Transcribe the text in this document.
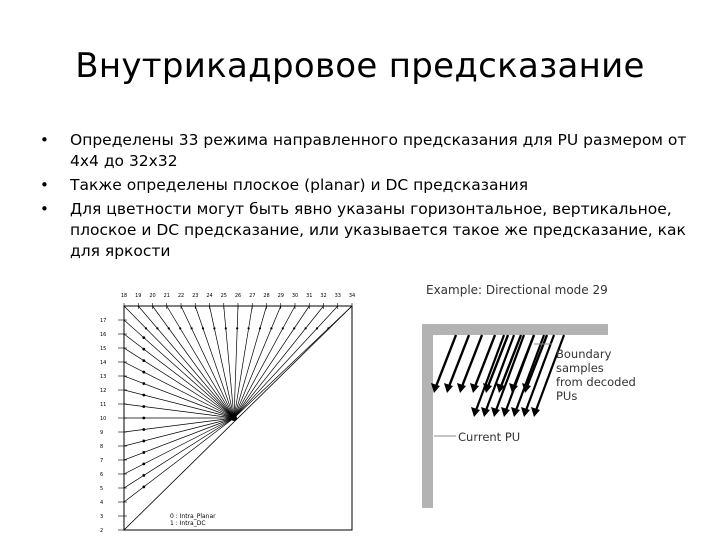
Внутрикадровое предсказание
• Определены 33 режима направленного предсказания для PU размером от 4x4 до 32x32
• Также определены плоское (planar) и DC предсказания
• Для цветности могут быть явно указаны горизонтальное, вертикальное, плоское и DC предсказание, или указывается такое же предсказание, как для яркости
18 19 20 21 22 23 24 25 26 27 28 29 30 31 32 33 34
17
16
15
14
13
12
11
10
9
8
7
6
5
4
3
2
0 : Intra_Planar
1 : Intra_DC
Example: Directional mode 29
Boundary samples from decoded PUs
Current PU
